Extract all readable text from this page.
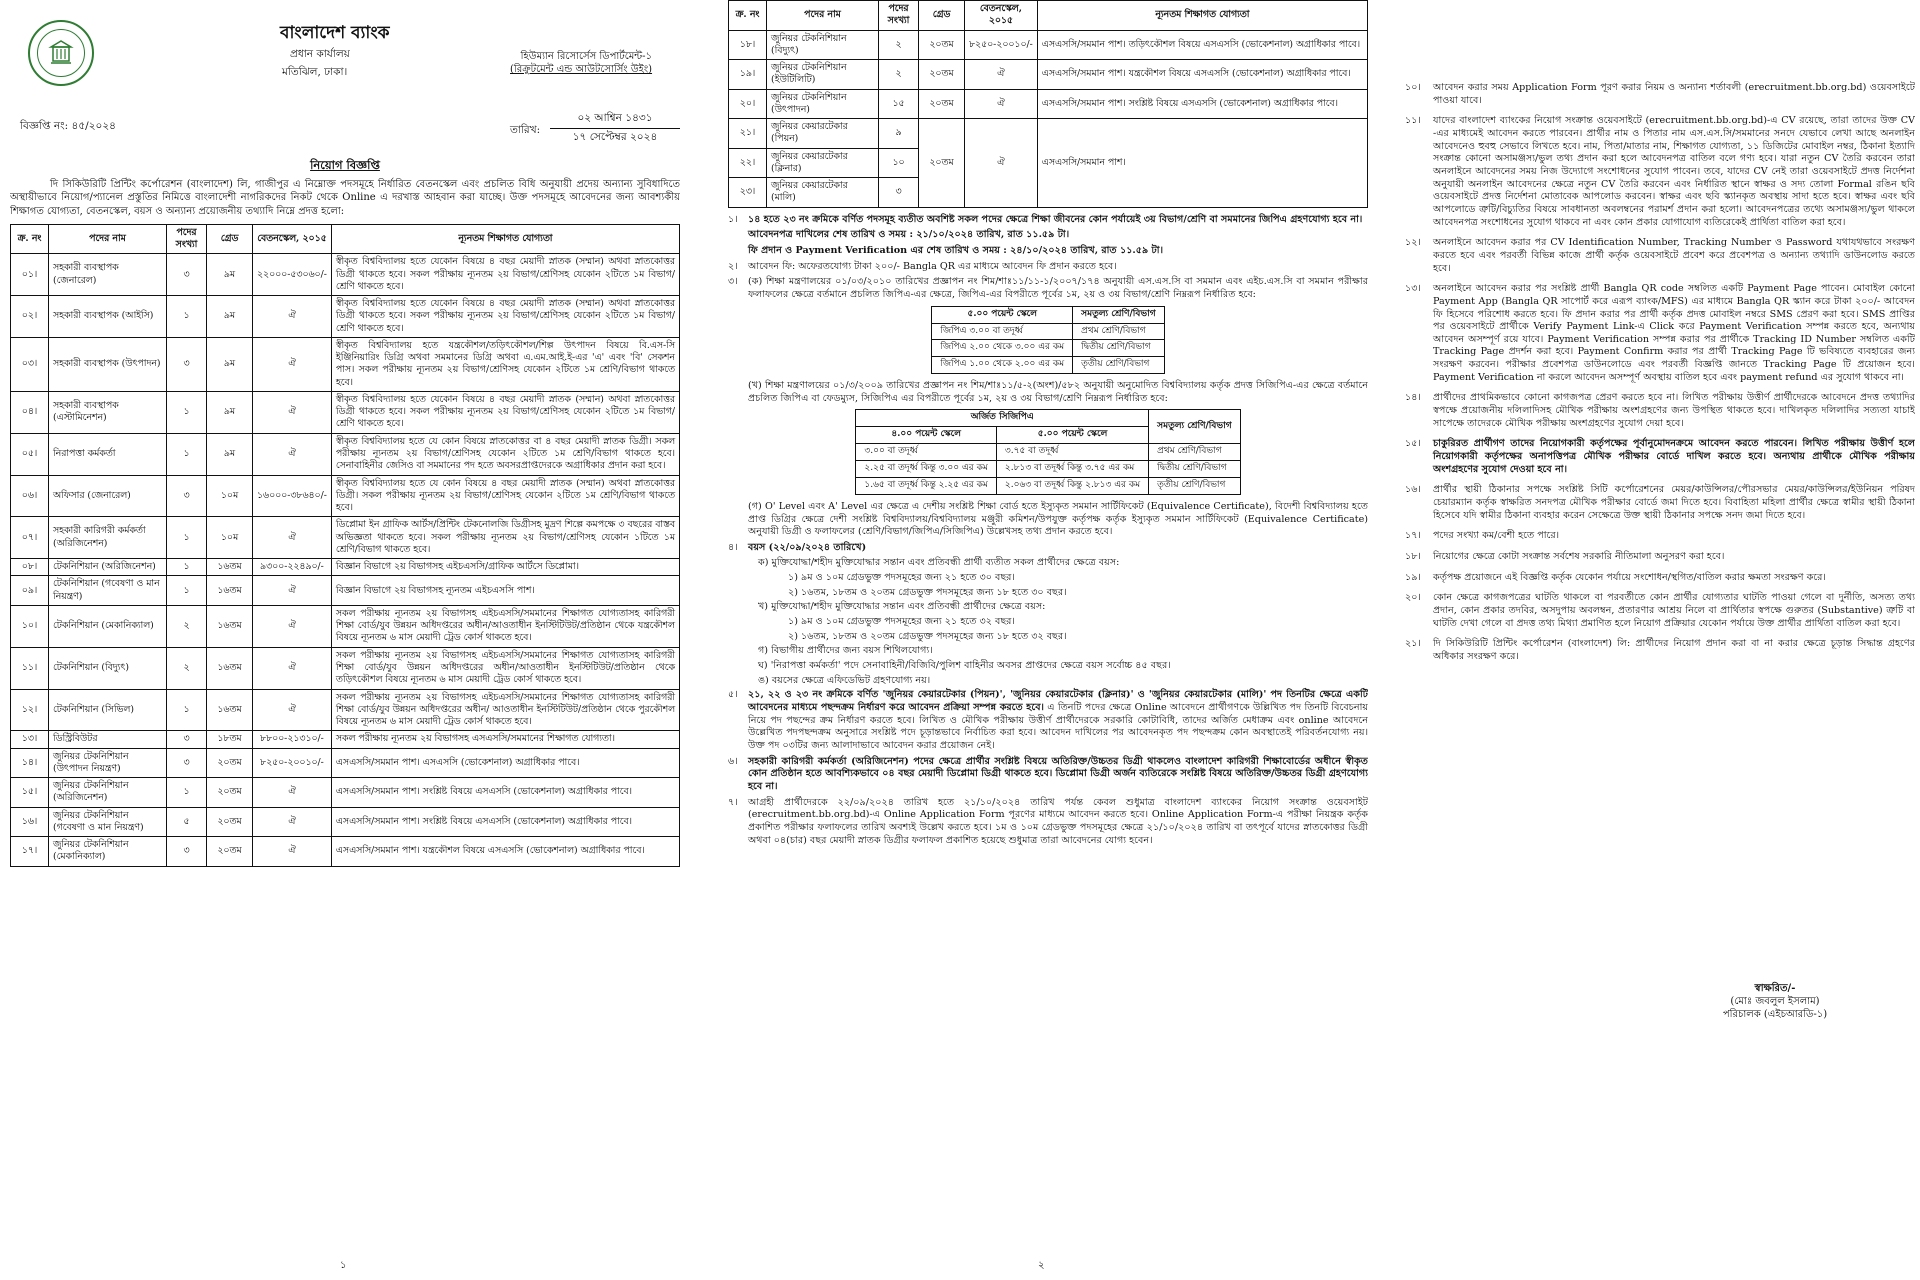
বাংলাদেশ ব্যাংক
প্রধান কার্যালয়
মতিঝিল, ঢাকা।
হিউম্যান রিসোর্সেস ডিপার্টমেন্ট-১
(রিক্রুটমেন্ট এন্ড আউটসোর্সিং উইং)
বিজ্ঞপ্তি নং: ৪৫/২০২৪	তারিখ:
০২ আশ্বিন ১৪৩১
১৭ সেপ্টেম্বর ২০২৪
নিয়োগ বিজ্ঞপ্তি

দি সিকিউরিটি প্রিন্টিং কর্পোরেশন (বাংলাদেশ) লি, গাজীপুর এ নিম্নোক্ত পদসমূহে নির্ধারিত বেতনস্কেল এবং প্রচলিত বিধি অনুযায়ী প্রদেয় অন্যান্য সুবিধাদিতে অস্থায়ীভাবে নিয়োগ/প্যানেল প্রস্তুতির নিমিত্তে বাংলাদেশী নাগরিকদের নিকট থেকে Online এ দরখাস্ত আহবান করা যাচ্ছে। উক্ত পদসমূহে আবেদনের জন্য আবশ্যকীয় শিক্ষাগত যোগ্যতা, বেতনস্কেল, বয়স ও অন্যান্য প্রয়োজনীয় তথ্যাদি নিম্নে প্রদত্ত হলো:

ক্র. নং	পদের নাম	পদের সংখ্যা	গ্রেড	বেতনস্কেল, ২০১৫	ন্যূনতম শিক্ষাগত যোগ্যতা
০১।	সহকারী ব্যবস্থাপক (জেনারেল)	৩	৯ম	২২০০০-৫৩০৬০/-	স্বীকৃত বিশ্ববিদ্যালয় হতে যেকোন বিষয়ে ৪ বছর মেয়াদী স্নাতক (সম্মান) অথবা স্নাতকোত্তর ডিগ্রী থাকতে হবে। সকল পরীক্ষায় ন্যূনতম ২য় বিভাগ/শ্রেণিসহ যেকোন ২টিতে ১ম বিভাগ/শ্রেণি থাকতে হবে।
০২।	সহকারী ব্যবস্থাপক (আইসি)	১	৯ম	ঐ	স্বীকৃত বিশ্ববিদ্যালয় হতে যেকোন বিষয়ে ৪ বছর মেয়াদী স্নাতক (সম্মান) অথবা স্নাতকোত্তর ডিগ্রী থাকতে হবে। সকল পরীক্ষায় ন্যূনতম ২য় বিভাগ/শ্রেণিসহ যেকোন ২টিতে ১ম বিভাগ/শ্রেণি থাকতে হবে।
০৩।	সহকারী ব্যবস্থাপক (উৎপাদন)	৩	৯ম	ঐ	স্বীকৃত বিশ্ববিদ্যালয় হতে যন্ত্রকৌশল/তড়িৎকৌশল/শিল্প উৎপাদন বিষয়ে বি.এস-সি ইঞ্জিনিয়ারিং ডিগ্রি অথবা সমমানের ডিগ্রি অথবা এ.এম.আই.ই-এর 'এ' এবং 'বি' সেকশন পাস। সকল পরীক্ষায় ন্যূনতম ২য় বিভাগ/শ্রেণিসহ যেকোন ২টিতে ১ম শ্রেণি/বিভাগ থাকতে হবে।
০৪।	সহকারী ব্যবস্থাপক (এস্টামিনেশন)	১	৯ম	ঐ	স্বীকৃত বিশ্ববিদ্যালয় হতে যেকোন বিষয়ে ৪ বছর মেয়াদী স্নাতক (সম্মান) অথবা স্নাতকোত্তর ডিগ্রী থাকতে হবে। সকল পরীক্ষায় ন্যূনতম ২য় বিভাগ/শ্রেণিসহ যেকোন ২টিতে ১ম বিভাগ/শ্রেণি থাকতে হবে।
০৫।	নিরাপত্তা কর্মকর্তা	১	৯ম	ঐ	স্বীকৃত বিশ্ববিদ্যালয় হতে যে কোন বিষয়ে স্নাতকোত্তর বা ৪ বছর মেয়াদী স্নাতক ডিগ্রী। সকল পরীক্ষায় ন্যূনতম ২য় বিভাগ/শ্রেণিসহ যেকোন ২টিতে ১ম শ্রেণি/বিভাগ থাকতে হবে। সেনাবাহিনীর জেসিও বা সমমানের পদ হতে অবসরপ্রাপ্তদেরকে অগ্রাধিকার প্রদান করা হবে।
০৬।	অফিসার (জেনারেল)	৩	১০ম	১৬০০০-৩৮৬৪০/-	স্বীকৃত বিশ্ববিদ্যালয় হতে যে কোন বিষয়ে ৪ বছর মেয়াদী স্নাতক (সম্মান) অথবা স্নাতকোত্তর ডিগ্রী। সকল পরীক্ষায় ন্যূনতম ২য় বিভাগ/শ্রেণিসহ যেকোন ২টিতে ১ম শ্রেণি/বিভাগ থাকতে হবে।
০৭।	সহকারী কারিগরী কর্মকর্তা (অরিজিনেশন)	১	১০ম	ঐ	ডিপ্লোমা ইন গ্রাফিক আর্টস/প্রিন্টিং টেকনোলজি ডিগ্রীসহ মুদ্রণ শিল্পে কমপক্ষে ৩ বছরের বাস্তব অভিজ্ঞতা থাকতে হবে। সকল পরীক্ষায় ন্যূনতম ২য় বিভাগ/শ্রেণিসহ যেকোন ১টিতে ১ম শ্রেণি/বিভাগ থাকতে হবে।
০৮।	টেকনিশিয়ান (অরিজিনেশন)	১	১৬তম	৯৩০০-২২৪৯০/-	বিজ্ঞান বিভাগে ২য় বিভাগসহ এইচএসসি/গ্রাফিক আর্টসে ডিপ্লোমা।
০৯।	টেকনিশিয়ান (গবেষণা ও মান নিয়ন্ত্রণ)	১	১৬তম	ঐ	বিজ্ঞান বিভাগে ২য় বিভাগসহ ন্যূনতম এইচএসসি পাশ।
১০।	টেকনিশিয়ান (মেকানিক্যাল)	২	১৬তম	ঐ	সকল পরীক্ষায় ন্যূনতম ২য় বিভাগসহ এইচএসসি/সমমানের শিক্ষাগত যোগ্যতাসহ কারিগরী শিক্ষা বোর্ড/যুব উন্নয়ন অধিদপ্তরের অধীন/আওতাধীন ইনস্টিটিউট/প্রতিষ্ঠান থেকে যন্ত্রকৌশল বিষয়ে ন্যূনতম ৬ মাস মেয়াদী ট্রেড কোর্স থাকতে হবে।
১১।	টেকনিশিয়ান (বিদ্যুৎ)	২	১৬তম	ঐ	সকল পরীক্ষায় ন্যূনতম ২য় বিভাগসহ এইচএসসি/সমমানের শিক্ষাগত যোগ্যতাসহ কারিগরী শিক্ষা বোর্ড/যুব উন্নয়ন অধিদপ্তরের অধীন/আওতাধীন ইনস্টিটিউট/প্রতিষ্ঠান থেকে তড়িৎকৌশল বিষয়ে ন্যূনতম ৬ মাস মেয়াদী ট্রেড কোর্স থাকতে হবে।
১২।	টেকনিশিয়ান (সিভিল)	১	১৬তম	ঐ	সকল পরীক্ষায় ন্যূনতম ২য় বিভাগসহ এইচএসসি/সমমানের শিক্ষাগত যোগ্যতাসহ কারিগরী শিক্ষা বোর্ড/যুব উন্নয়ন অধিদপ্তরের অধীন/ আওতাধীন ইনস্টিটিউট/প্রতিষ্ঠান থেকে পুরকৌশল বিষয়ে ন্যূনতম ৬ মাস মেয়াদী ট্রেড কোর্স থাকতে হবে।
১৩।	ডিস্ট্রিবিউটর	৩	১৮তম	৮৮০০-২১৩১০/-	সকল পরীক্ষায় ন্যূনতম ২য় বিভাগসহ এসএসসি/সমমানের শিক্ষাগত যোগ্যতা।
১৪।	জুনিয়র টেকনিশিয়ান (উৎপাদন নিয়ন্ত্রণ)	৩	২০তম	৮২৫০-২০০১০/-	এসএসসি/সমমান পাশ। এসএসসি (ভোকেশনাল) অগ্রাধিকার পাবে।
১৫।	জুনিয়র টেকনিশিয়ান (অরিজিনেশন)	১	২০তম	ঐ	এসএসসি/সমমান পাশ। সংশ্লিষ্ট বিষয়ে এসএসসি (ভোকেশনাল) অগ্রাধিকার পাবে।
১৬।	জুনিয়র টেকনিশিয়ান (গবেষণা ও মান নিয়ন্ত্রণ)	৫	২০তম	ঐ	এসএসসি/সমমান পাশ। সংশ্লিষ্ট বিষয়ে এসএসসি (ভোকেশনাল) অগ্রাধিকার পাবে।
১৭।	জুনিয়র টেকনিশিয়ান (মেকানিক্যাল)	৩	২০তম	ঐ	এসএসসি/সমমান পাশ। যন্ত্রকৌশল বিষয়ে এসএসসি (ভোকেশনাল) অগ্রাধিকার পাবে।
১
ক্র. নং	পদের নাম	পদের সংখ্যা	গ্রেড	বেতনস্কেল, ২০১৫	ন্যূনতম শিক্ষাগত যোগ্যতা
১৮।	জুনিয়র টেকনিশিয়ান (বিদ্যুৎ)	২	২০তম	৮২৫০-২০০১০/-	এসএসসি/সমমান পাশ। তড়িৎকৌশল বিষয়ে এসএসসি (ভোকেশনাল) অগ্রাধিকার পাবে।
১৯।	জুনিয়র টেকনিশিয়ান (ইউটিলিটি)	২	২০তম	ঐ	এসএসসি/সমমান পাশ। যন্ত্রকৌশল বিষয়ে এসএসসি (ভোকেশনাল) অগ্রাধিকার পাবে।
২০।	জুনিয়র টেকনিশিয়ান (উৎপাদন)	১৫	২০তম	ঐ	এসএসসি/সমমান পাশ। সংশ্লিষ্ট বিষয়ে এসএসসি (ভোকেশনাল) অগ্রাধিকার পাবে।
২১।	জুনিয়র কেয়ারটেকার (পিয়ন)	৯	২০তম	ঐ	এসএসসি/সমমান পাশ।
২২।	জুনিয়র কেয়ারটেকার (ক্লিনার)	১০			
২৩।	জুনিয়র কেয়ারটেকার (মালি)	৩			
১।	১৪ হতে ২৩ নং ক্রমিকে বর্ণিত পদসমূহ ব্যতীত অবশিষ্ট সকল পদের ক্ষেত্রে শিক্ষা জীবনের কোন পর্যায়েই ৩য় বিভাগ/শ্রেণি বা সমমানের জিপিএ গ্রহণযোগ্য হবে না।
আবেদনপত্র দাখিলের শেষ তারিখ ও সময় : ২১/১০/২০২৪ তারিখ, রাত ১১.৫৯ টা।
ফি প্রদান ও Payment Verification এর শেষ তারিখ ও সময় : ২৪/১০/২০২৪ তারিখ, রাত ১১.৫৯ টা।
২।	আবেদন ফি: অফেরতযোগ্য টাকা ২০০/- Bangla QR এর মাধ্যমে আবেদন ফি প্রদান করতে হবে।
৩।	(ক) শিক্ষা মন্ত্রণালয়ের ০১/০৩/২০১০ তারিখের প্রজ্ঞাপন নং শিম/শাঃ১১/১১-১/২০০৭/১৭৪ অনুযায়ী এস.এস.সি বা সমমান এবং এইচ.এস.সি বা সমমান পরীক্ষার ফলাফলের ক্ষেত্রে বর্তমানে প্রচলিত জিপিএ-এর ক্ষেত্রে, জিপিএ-এর বিপরীতে পূর্বের ১ম, ২য় ও ৩য় বিভাগ/শ্রেণি নিম্নরূপ নির্ধারিত হবে:
৫.০০ পয়েন্ট স্কেলে	সমতুল্য শ্রেণি/বিভাগ
জিপিএ ৩.০০ বা তদূর্ধ্ব	প্রথম শ্রেণি/বিভাগ
জিপিএ ২.০০ থেকে ৩.০০ এর কম	দ্বিতীয় শ্রেণি/বিভাগ
জিপিএ ১.০০ থেকে ২.০০ এর কম	তৃতীয় শ্রেণি/বিভাগ
(খ) শিক্ষা মন্ত্রণালয়ের ০১/৩/২০০৯ তারিখের প্রজ্ঞাপন নং শিম/শাঃ১১/৫-২(অংশ)/৫৮২ অনুযায়ী অনুমোদিত বিশ্ববিদ্যালয় কর্তৃক প্রদত্ত সিজিপিএ-এর ক্ষেত্রে বর্তমানে প্রচলিত জিপিএ বা ফেডম্যুস, সিজিপিএ এর বিপরীতে পূর্বের ১ম, ২য় ও ৩য় বিভাগ/শ্রেণি নিম্নরূপ নির্ধারিত হবে:
অর্জিত সিজিপিএ		সমতুল্য শ্রেণি/বিভাগ
৪.০০ পয়েন্ট স্কেলে	৫.০০ পয়েন্ট স্কেলে	
৩.০০ বা তদূর্ধ্ব	৩.৭৫ বা তদূর্ধ্ব	প্রথম শ্রেণি/বিভাগ
২.২৫ বা তদূর্ধ্ব কিন্তু ৩.০০ এর কম	২.৮১৩ বা তদূর্ধ্ব কিন্তু ৩.৭৫ এর কম	দ্বিতীয় শ্রেণি/বিভাগ
১.৬৫ বা তদূর্ধ্ব কিন্তু ২.২৫ এর কম	২.০৬৩ বা তদূর্ধ্ব কিন্তু ২.৮১৩ এর কম	তৃতীয় শ্রেণি/বিভাগ
(গ) O' Level এবং A' Level এর ক্ষেত্রে এ দেশীয় সংশ্লিষ্ট শিক্ষা বোর্ড হতে ইস্যুকৃত সমমান সার্টিফিকেট (Equivalence Certificate), বিদেশী বিশ্ববিদ্যালয় হতে প্রাপ্ত ডিগ্রির ক্ষেত্রে দেশী সংশ্লিষ্ট বিশ্ববিদ্যালয়/বিশ্ববিদ্যালয় মঞ্জুরী কমিশন/উপযুক্ত কর্তৃপক্ষ কর্তৃক ইস্যুকৃত সমমান সার্টিফিকেট (Equivalence Certificate) অনুযায়ী ডিগ্রী ও ফলাফলের (শ্রেণি/বিভাগ/জিপিএ/সিজিপিএ) উল্লেখসহ তথ্য প্রদান করতে হবে।
৪।	বয়স (২২/০৯/২০২৪ তারিখে)
ক) মুক্তিযোদ্ধা/শহীদ মুক্তিযোদ্ধার সন্তান এবং প্রতিবন্ধী প্রার্থী ব্যতীত সকল প্রার্থীদের ক্ষেত্রে বয়স:
১) ৯ম ও ১০ম গ্রেডভুক্ত পদসমূহের জন্য ২১ হতে ৩০ বছর।
২) ১৬তম, ১৮তম ও ২০তম গ্রেডভুক্ত পদসমূহের জন্য ১৮ হতে ৩০ বছর।
খ) মুক্তিযোদ্ধা/শহীদ মুক্তিযোদ্ধার সন্তান এবং প্রতিবন্ধী প্রার্থীদের ক্ষেত্রে বয়স:
১) ৯ম ও ১০ম গ্রেডভুক্ত পদসমূহের জন্য ২১ হতে ৩২ বছর।
২) ১৬তম, ১৮তম ও ২০তম গ্রেডভুক্ত পদসমূহের জন্য ১৮ হতে ৩২ বছর।
গ) বিভাগীয় প্রার্থীদের জন্য বয়স শিথিলযোগ্য।
ঘ) 'নিরাপত্তা কর্মকর্তা' পদে সেনাবাহিনী/বিজিবি/পুলিশ বাহিনীর অবসর প্রাপ্তদের ক্ষেত্রে বয়স সর্বোচ্চ ৪৫ বছর।
ঙ) বয়সের ক্ষেত্রে এফিডেভিট গ্রহণযোগ্য নয়।
৫।	২১, ২২ ও ২৩ নং ক্রমিকে বর্ণিত 'জুনিয়র কেয়ারটেকার (পিয়ন)', 'জুনিয়র কেয়ারটেকার (ক্লিনার)' ও 'জুনিয়র কেয়ারটেকার (মালি)' পদ তিনটির ক্ষেত্রে একটি আবেদনের মাধ্যমে পছন্দক্রম নির্ধারণ করে আবেদন প্রক্রিয়া সম্পন্ন করতে হবে। এ তিনটি পদের ক্ষেত্রে Online আবেদনে প্রার্থীগণকে উল্লিখিত পদ তিনটি বিবেচনায় নিয়ে পদ পছন্দের ক্রম নির্ধারণ করতে হবে। লিখিত ও মৌখিক পরীক্ষায় উত্তীর্ণ প্রার্থীদেরকে সরকারি কোটাবিধি, তাদের অর্জিত মেধাক্রম এবং online আবেদনে উল্লেখিত পদপছন্দক্রম অনুসারে সংশ্লিষ্ট পদে চূড়ান্তভাবে নির্বাচিত করা হবে। আবেদন দাখিলের পর আবেদনকৃত পদ পছন্দক্রম কোন অবস্থাতেই পরিবর্তনযোগ্য নয়। উক্ত পদ ০৩টির জন্য আলাদাভাবে আবেদন করার প্রয়োজন নেই।
৬।	সহকারী কারিগরী কর্মকর্তা (অরিজিনেশন) পদের ক্ষেত্রে প্রার্থীর সংশ্লিষ্ট বিষয়ে অতিরিক্ত/উচ্চতর ডিগ্রী থাকলেও বাংলাদেশ কারিগরী শিক্ষাবোর্ডের অধীনে স্বীকৃত কোন প্রতিষ্ঠান হতে আবশ্যিকভাবে ০৪ বছর মেয়াদী ডিপ্লোমা ডিগ্রী থাকতে হবে। ডিপ্লোমা ডিগ্রী অর্জন ব্যতিরেকে সংশ্লিষ্ট বিষয়ে অতিরিক্ত/উচ্চতর ডিগ্রী গ্রহণযোগ্য হবে না।
৭।	আগ্রহী প্রার্থীদেরকে ২২/০৯/২০২৪ তারিখ হতে ২১/১০/২০২৪ তারিখ পর্যন্ত কেবল শুধুমাত্র বাংলাদেশ ব্যাংকের নিয়োগ সংক্রান্ত ওয়েবসাইট (erecruitment.bb.org.bd)-এ Online Application Form পূরণের মাধ্যমে আবেদন করতে হবে। Online Application Form-এ পরীক্ষা নিয়ন্ত্রক কর্তৃক প্রকাশিত পরীক্ষার ফলাফলের তারিখ অবশ্যই উল্লেখ করতে হবে। ১ম ও ১০ম গ্রেডভুক্ত পদসমূহের ক্ষেত্রে ২১/১০/২০২৪ তারিখ বা তৎপূর্বে যাদের স্নাতকোত্তর ডিগ্রী অথবা ০৪(চার) বছর মেয়াদী স্নাতক ডিগ্রীর ফলাফল প্রকাশিত হয়েছে শুধুমাত্র তারা আবেদনের যোগ্য হবেন।
২
১০।	আবেদন করার সময় Application Form পূরণ করার নিয়ম ও অন্যান্য শর্তাবলী (erecruitment.bb.org.bd) ওয়েবসাইটে পাওয়া যাবে।
১১।	যাদের বাংলাদেশ ব্যাংকের নিয়োগ সংক্রান্ত ওয়েবসাইটে (erecruitment.bb.org.bd)-এ CV রয়েছে, তারা তাদের উক্ত CV -এর মাধ্যমেই আবেদন করতে পারবেন। প্রার্থীর নাম ও পিতার নাম এস.এস.সি/সমমানের সনদে যেভাবে লেখা আছে অনলাইন আবেদনেও হুবহু সেভাবে লিখতে হবে। নাম, পিতা/মাতার নাম, শিক্ষাগত যোগ্যতা, ১১ ডিজিটের মোবাইল নম্বর, ঠিকানা ইত্যাদি সংক্রান্ত কোনো অসামঞ্জস্য/ভুল তথ্য প্রদান করা হলে আবেদনপত্র বাতিল বলে গণ্য হবে। যারা নতুন CV তৈরি করবেন তারা অনলাইনে আবেদনের সময় নিজ উদ্যোগে সংশোধনের সুযোগ পাবেন। তবে, যাদের CV নেই তারা ওয়েবসাইটে প্রদত্ত নির্দেশনা অনুযায়ী অনলাইন আবেদনের ক্ষেত্রে নতুন CV তৈরি করবেন এবং নির্ধারিত স্থানে স্বাক্ষর ও সদ্য তোলা Formal রঙিন ছবি ওয়েবসাইটে প্রদত্ত নির্দেশনা মোতাবেক আপলোড করবেন। স্বাক্ষর এবং ছবি স্ক্যানকৃত অবস্থায় সাদা হতে হবে। স্বাক্ষর এবং ছবি আপলোডে ত্রুটি/বিচ্যুতির বিষয়ে সাবধানতা অবলম্বনের পরামর্শ প্রদান করা হলো। আবেদনপত্রের তথ্যে অসামঞ্জস্য/ভুল থাকলে আবেদনপত্র সংশোধনের সুযোগ থাকবে না এবং কোন প্রকার যোগাযোগ ব্যতিরেকেই প্রার্থিতা বাতিল করা হবে।
১২।	অনলাইনে আবেদন করার পর CV Identification Number, Tracking Number ও Password যথাযথভাবে সংরক্ষণ করতে হবে এবং পরবর্তী বিভিন্ন কাজে প্রার্থী কর্তৃক ওয়েবসাইটে প্রবেশ করে প্রবেশপত্র ও অন্যান্য তথ্যাদি ডাউনলোড করতে হবে।
১৩।	অনলাইনে আবেদন করার পর সংশ্লিষ্ট প্রার্থী Bangla QR code সম্বলিত একটি Payment Page পাবেন। মোবাইল কোনো Payment App (Bangla QR সাপোর্ট করে এরূপ ব্যাংক/MFS) এর মাধ্যমে Bangla QR স্ক্যান করে টাকা ২০০/- আবেদন ফি হিসেবে পরিশোধ করতে হবে। ফি প্রদান করার পর প্রার্থী কর্তৃক প্রদত্ত মোবাইল নম্বরে SMS প্রেরণ করা হবে। SMS প্রাপ্তির পর ওয়েবসাইটে প্রার্থীকে Verify Payment Link-এ Click করে Payment Verification সম্পন্ন করতে হবে, অন্যথায় আবেদন অসম্পূর্ণ রয়ে যাবে। Payment Verification সম্পন্ন করার পর প্রার্থীকে Tracking ID Number সম্বলিত একটি Tracking Page প্রদর্শন করা হবে। Payment Confirm করার পর প্রার্থী Tracking Page টি ভবিষ্যতে ব্যবহারের জন্য সংরক্ষণ করবেন। পরীক্ষার প্রবেশপত্র ডাউনলোডে এবং পরবর্তী বিজ্ঞপ্তি জানতে Tracking Page টি প্রয়োজন হবে। Payment Verification না করলে আবেদন অসম্পূর্ণ অবস্থায় বাতিল হবে এবং payment refund এর সুযোগ থাকবে না।
১৪।	প্রার্থীদের প্রাথমিকভাবে কোনো কাগজপত্র প্রেরণ করতে হবে না। লিখিত পরীক্ষায় উত্তীর্ণ প্রার্থীদেরকে আবেদনে প্রদত্ত তথ্যাদির স্বপক্ষে প্রয়োজনীয় দলিলাদিসহ মৌখিক পরীক্ষায় অংশগ্রহণের জন্য উপস্থিত থাকতে হবে। দাখিলকৃত দলিলাদির সত্যতা যাচাই সাপেক্ষে তাদেরকে মৌখিক পরীক্ষায় অংশগ্রহণের সুযোগ দেয়া হবে।
১৫।	চাকুরিরত প্রার্থীগণ তাদের নিয়োগকারী কর্তৃপক্ষের পূর্বানুমোদনক্রমে আবেদন করতে পারবেন। লিখিত পরীক্ষায় উত্তীর্ণ হলে নিয়োগকারী কর্তৃপক্ষের অনাপত্তিপত্র মৌখিক পরীক্ষার বোর্ডে দাখিল করতে হবে। অন্যথায় প্রার্থীকে মৌখিক পরীক্ষায় অংশগ্রহণের সুযোগ দেওয়া হবে না।
১৬।	প্রার্থীর স্থায়ী ঠিকানার সপক্ষে সংশ্লিষ্ট সিটি কর্পোরেশনের মেয়র/কাউন্সিলর/পৌরসভার মেয়র/কাউন্সিলর/ইউনিয়ন পরিষদ চেয়ারম্যান কর্তৃক স্বাক্ষরিত সনদপত্র মৌখিক পরীক্ষার বোর্ডে জমা দিতে হবে। বিবাহিতা মহিলা প্রার্থীর ক্ষেত্রে স্বামীর স্থায়ী ঠিকানা হিসেবে যদি স্বামীর ঠিকানা ব্যবহার করেন সেক্ষেত্রে উক্ত স্থায়ী ঠিকানার সপক্ষে সনদ জমা দিতে হবে।
১৭।	পদের সংখ্যা কম/বেশী হতে পারে।
১৮।	নিয়োগের ক্ষেত্রে কোটা সংক্রান্ত সর্বশেষ সরকারি নীতিমালা অনুসরণ করা হবে।
১৯।	কর্তৃপক্ষ প্রয়োজনে এই বিজ্ঞপ্তি কর্তৃক যেকোন পর্যায়ে সংশোধন/স্থগিত/বাতিল করার ক্ষমতা সংরক্ষণ করে।
২০।	কোন ক্ষেত্রে কাগজপত্রের ঘাটতি থাকলে বা পরবর্তীতে কোন প্রার্থীর যোগ্যতার ঘাটতি পাওয়া গেলে বা দুর্নীতি, অসত্য তথ্য প্রদান, কোন প্রকার তদবির, অসদুপায় অবলম্বন, প্রতারণার আশ্রয় নিলে বা প্রার্থিতার স্বপক্ষে গুরুতর (Substantive) ত্রুটি বা ঘাটতি দেখা গেলে বা প্রদত্ত তথ্য মিথ্যা প্রমাণিত হলে নিয়োগ প্রক্রিয়ার যেকোন পর্যায়ে উক্ত প্রার্থীর প্রার্থিতা বাতিল করা হবে।
২১।	দি সিকিউরিটি প্রিন্টিং কর্পোরেশন (বাংলাদেশ) লি: প্রার্থীদের নিয়োগ প্রদান করা বা না করার ক্ষেত্রে চূড়ান্ত সিদ্ধান্ত গ্রহণের অধিকার সংরক্ষণ করে।
স্বাক্ষরিত/-
(মোঃ জবলুল ইসলাম)
পরিচালক (এইচআরডি-১)
